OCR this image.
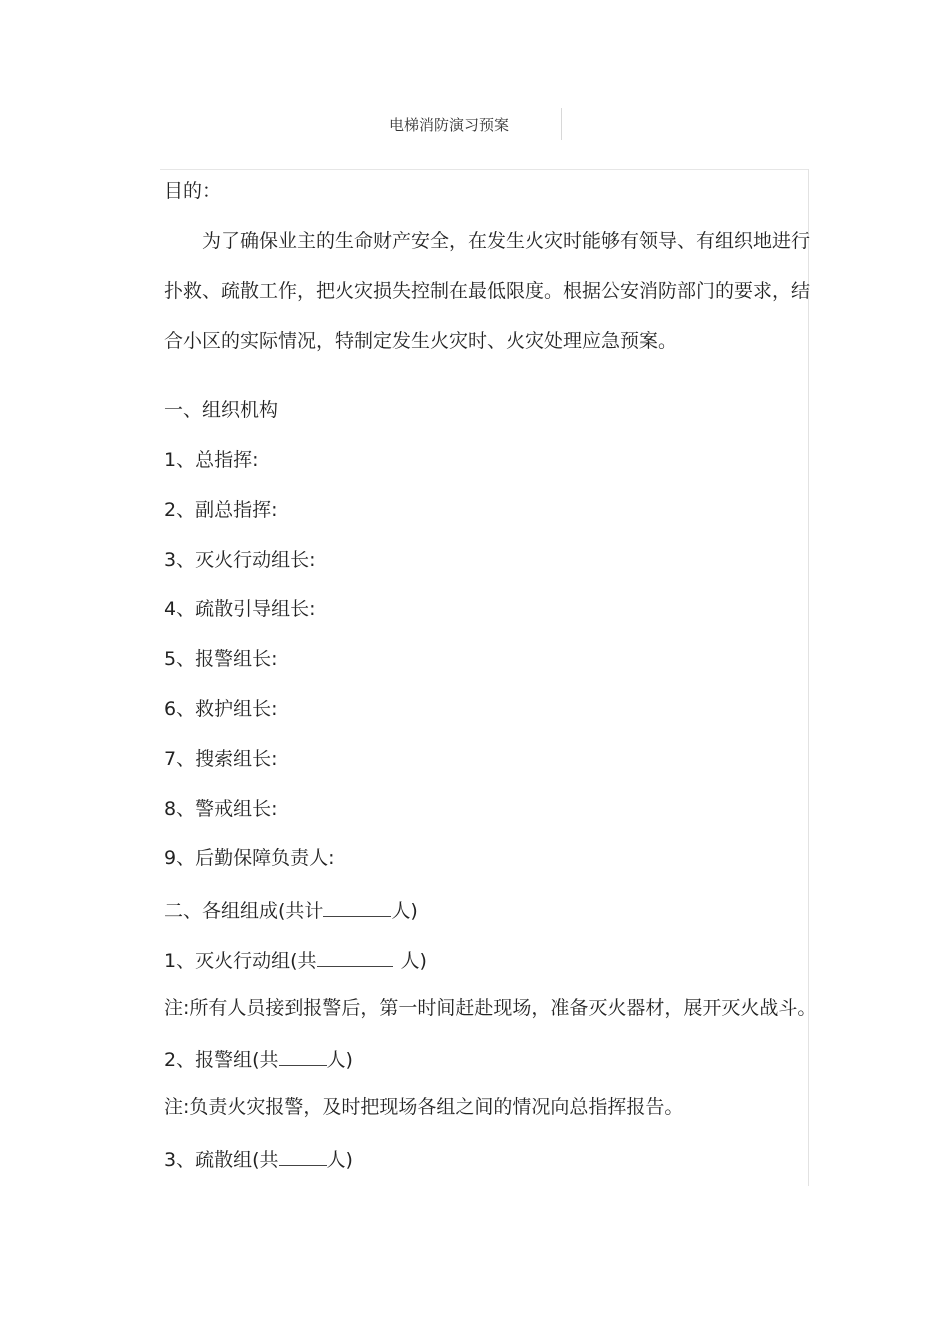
电梯消防演习预案
目的：
为了确保业主的生命财产安全，在发生火灾时能够有领导、有组织地进行
扑救、疏散工作，把火灾损失控制在最低限度。根据公安消防部门的要求，结
合小区的实际情况，特制定发生火灾时、火灾处理应急预案。
一、组织机构
1、总指挥:
2、副总指挥:
3、灭火行动组长:
4、疏散引导组长:
5、报警组长:
6、救护组长:
7、搜索组长:
8、警戒组长:
9、后勤保障负责人:
二、各组组成(共计	人)
1、灭火行动组(共	人)
注:所有人员接到报警后，第一时间赶赴现场，准备灭火器材，展开灭火战斗。
2、报警组(共	人)
注:负责火灾报警，及时把现场各组之间的情况向总指挥报告。
3、疏散组(共	人)
